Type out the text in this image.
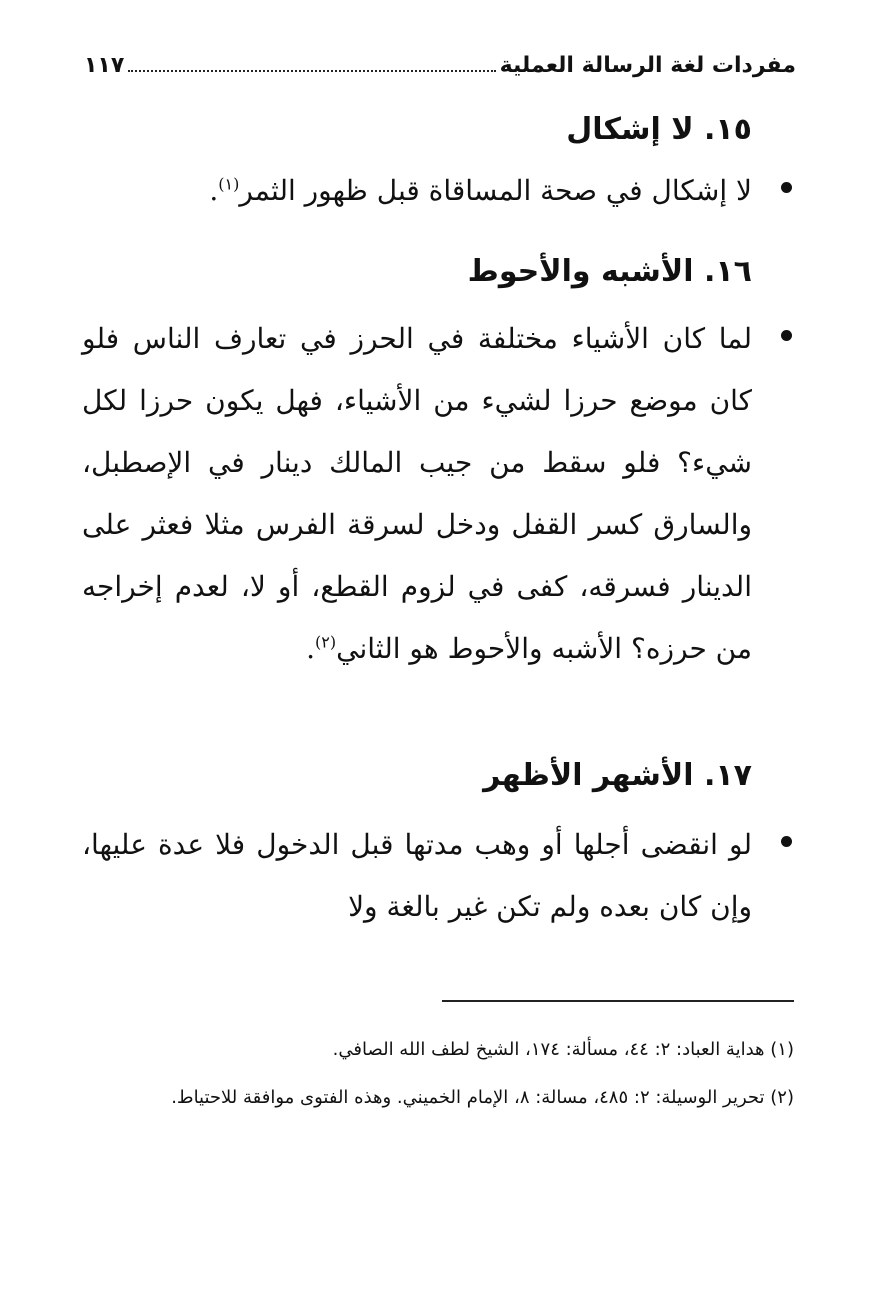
مفردات لغة الرسالة العملية
١١٧
١٥. لا إشكال

لا إشكال في صحة المساقاة قبل ظهور الثمر$^{(١)}$.

١٦. الأشبه والأحوط

لما كان الأشياء مختلفة في الحرز في تعارف الناس فلو كان موضع حرزا لشيء من الأشياء، فهل يكون حرزا لكل شيء؟ فلو سقط من جيب المالك دينار في الإصطبل، والسارق كسر القفل ودخل لسرقة الفرس مثلا فعثر على الدينار فسرقه، كفى في لزوم القطع، أو لا، لعدم إخراجه من حرزه؟ الأشبه والأحوط هو الثاني$^{(٢)}$.

١٧. الأشهر الأظهر

لو انقضى أجلها أو وهب مدتها قبل الدخول فلا عدة عليها، وإن كان بعده ولم تكن غير بالغة ولا

(١) هداية العباد: ٢: ٤٤، مسألة: ١٧٤، الشيخ لطف الله الصافي.

(٢) تحرير الوسيلة: ٢: ٤٨٥، مسالة: ٨، الإمام الخميني. وهذه الفتوى موافقة للاحتياط.
